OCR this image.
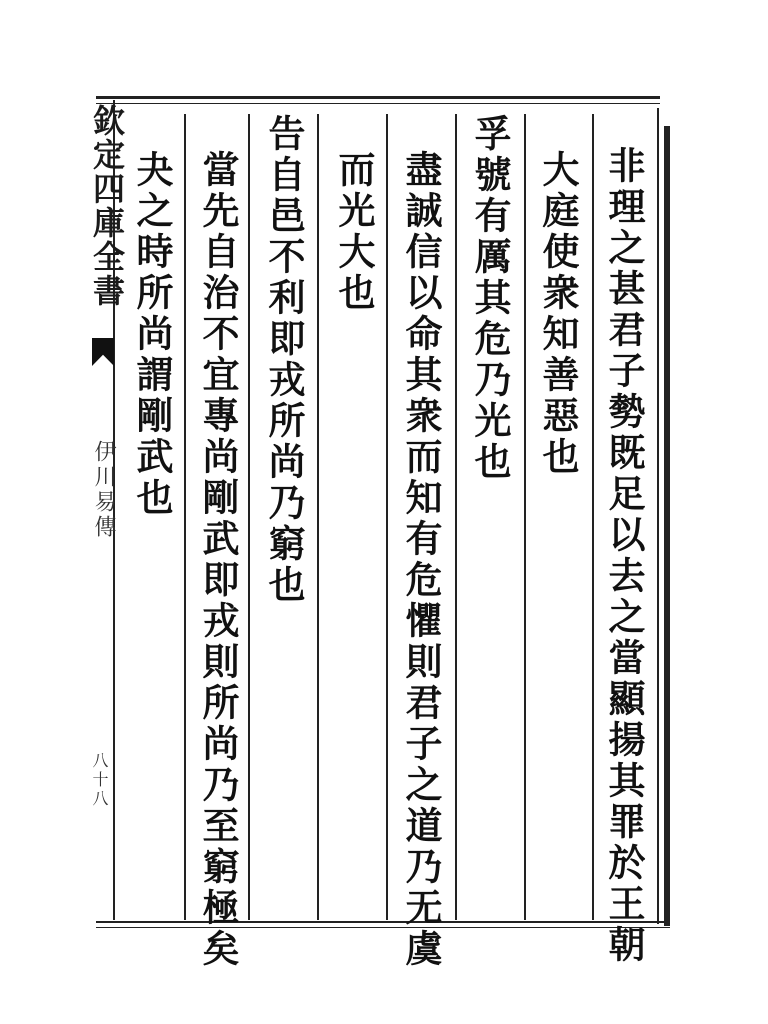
欽定四庫全書
伊川易傳
八十八	非理之甚君子勢既足以去之當顯揚其罪於王朝
大庭使衆知善惡也
孚號有厲其危乃光也
盡誠信以命其衆而知有危懼則君子之道乃无虞
而光大也
告自邑不利即戎所尚乃窮也
當先自治不宜專尚剛武即戎則所尚乃至窮極矣
夬之時所尚謂剛武也
